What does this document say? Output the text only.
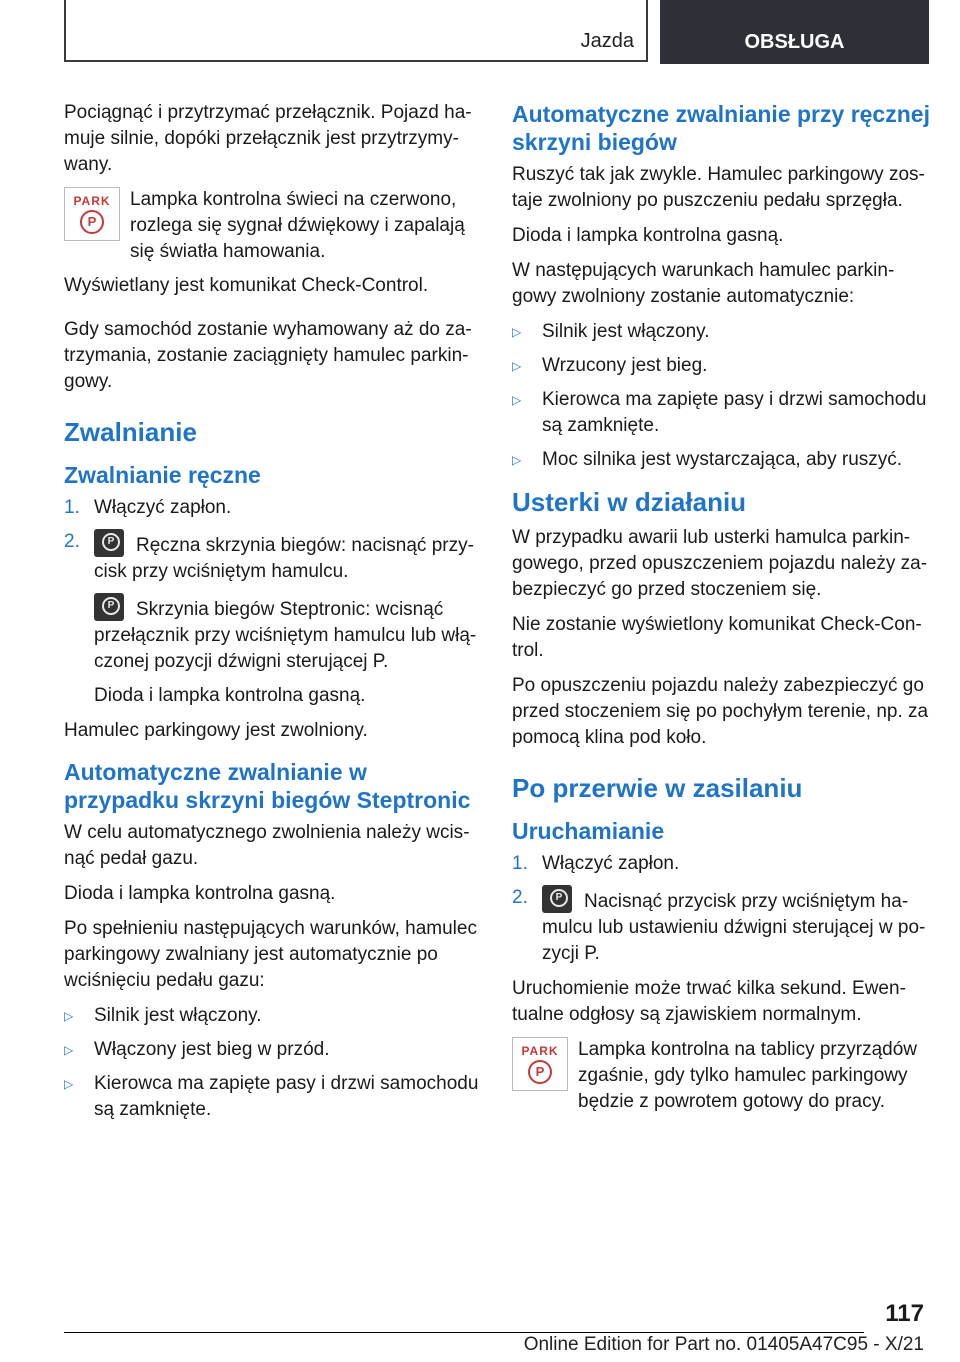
Jazda	OBSŁUGA

Pociągnąć i przytrzymać przełącznik. Pojazd hamuje silnie, dopóki przełącznik jest przytrzymywany.

PARK
P
Lampka kontrolna świeci na czerwono, rozlega się sygnał dźwiękowy i zapalają się światła hamowania.

Wyświetlany jest komunikat Check-Control.

Gdy samochód zostanie wyhamowany aż do zatrzymania, zostanie zaciągnięty hamulec parkingowy.

Zwalnianie
Zwalnianie ręczne
1. Włączyć zapłon.
2. P	Ręczna skrzynia biegów: nacisnąć przycisk przy wciśniętym hamulcu.
PSkrzynia biegów Steptronic: wcisnąć przełącznik przy wciśniętym hamulcu lub włączonej pozycji dźwigni sterującej P.
Dioda i lampka kontrolna gasną.

Hamulec parkingowy jest zwolniony.

Automatyczne zwalnianie w przypadku skrzyni biegów Steptronic

W celu automatycznego zwolnienia należy wcisnąć pedał gazu.

Dioda i lampka kontrolna gasną.

Po spełnieniu następujących warunków, hamulec parkingowy zwalniany jest automatycznie po wciśnięciu pedału gazu:

▷	Silnik jest włączony.
▷	Włączony jest bieg w przód.
▷	Kierowca ma zapięte pasy i drzwi samochodu są zamknięte.
Automatyczne zwalnianie przy ręcznej skrzyni biegów

Ruszyć tak jak zwykle. Hamulec parkingowy zostaje zwolniony po puszczeniu pedału sprzęgła.

Dioda i lampka kontrolna gasną.

W następujących warunkach hamulec parkingowy zwolniony zostanie automatycznie:

▷	Silnik jest włączony.
▷	Wrzucony jest bieg.
▷	Kierowca ma zapięte pasy i drzwi samochodu są zamknięte.
▷	Moc silnika jest wystarczająca, aby ruszyć.
Usterki w działaniu

W przypadku awarii lub usterki hamulca parkingowego, przed opuszczeniem pojazdu należy zabezpieczyć go przed stoczeniem się.

Nie zostanie wyświetlony komunikat Check-Control.

Po opuszczeniu pojazdu należy zabezpieczyć go przed stoczeniem się po pochyłym terenie, np. za pomocą klina pod koło.

Po przerwie w zasilaniu
Uruchamianie
1. Włączyć zapłon.
2. P	Nacisnąć przycisk przy wciśniętym hamulcu lub ustawieniu dźwigni sterującej w pozycji P.

Uruchomienie może trwać kilka sekund. Ewentualne odgłosy są zjawiskiem normalnym.

PARK
P
Lampka kontrolna na tablicy przyrządów zgaśnie, gdy tylko hamulec parkingowy będzie z powrotem gotowy do pracy.
117
Online Edition for Part no. 01405A47C95 - X/21
